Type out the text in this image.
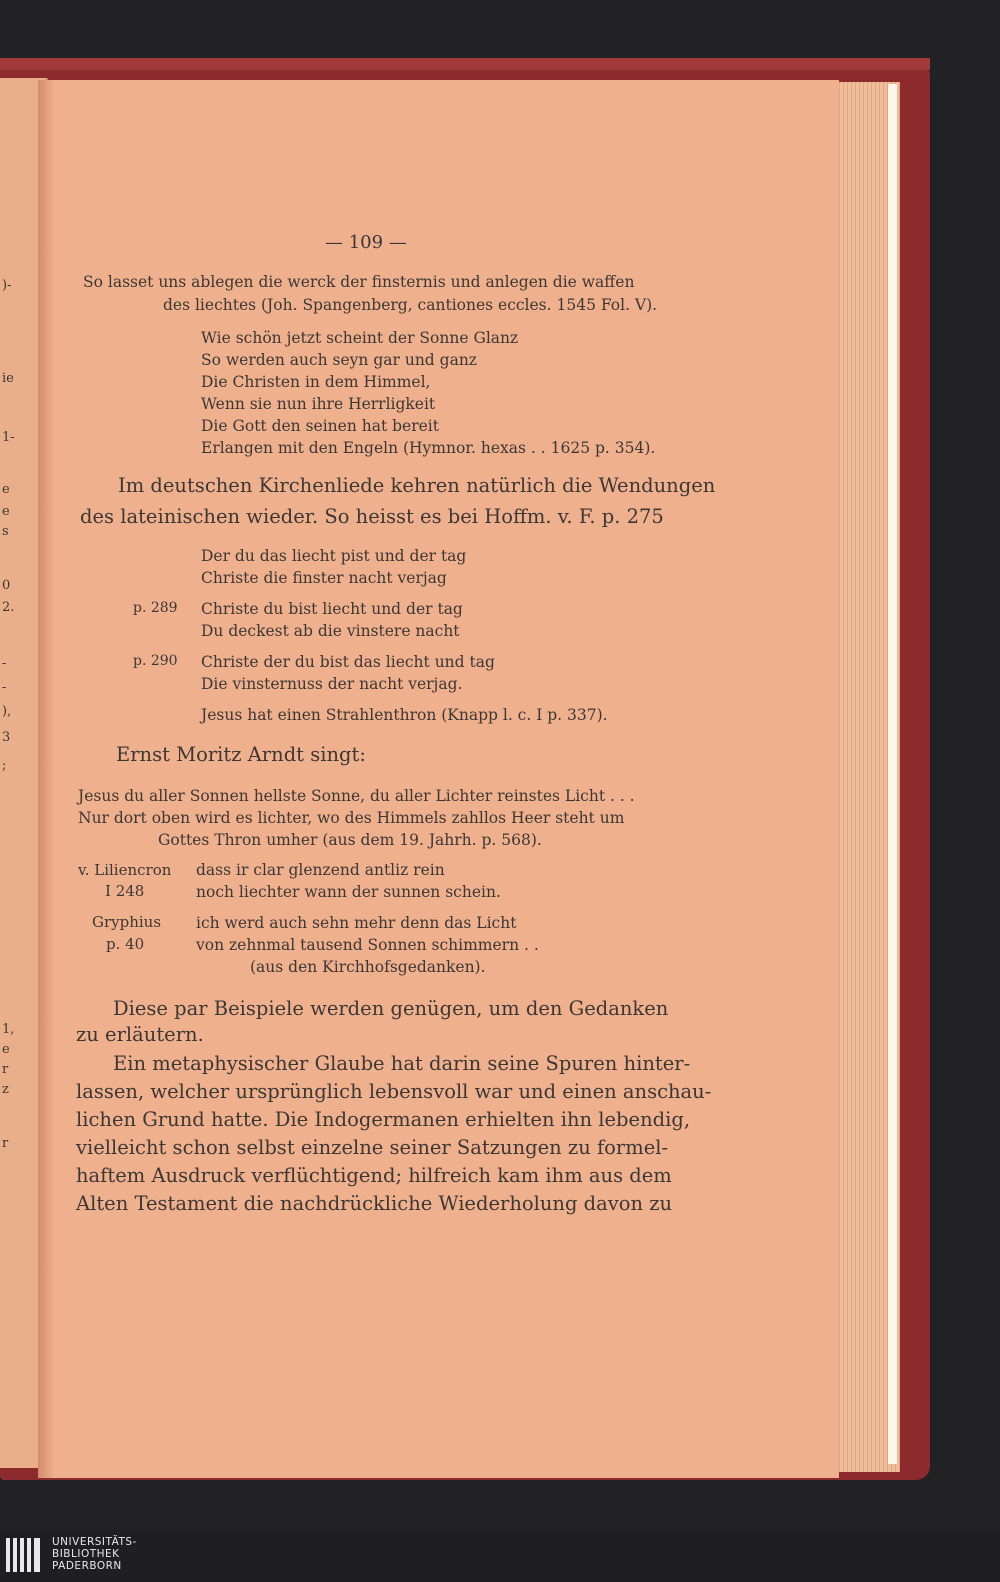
)-
ie
1-
e
e
s
0
2.
-
-
),
3
;
1,
e
r
z
r
— 109 —
So lasset uns ablegen die werck der finsternis und anlegen die waffen
des liechtes (Joh. Spangenberg, cantiones eccles. 1545 Fol. V).
Wie schön jetzt scheint der Sonne Glanz
So werden auch seyn gar und ganz
Die Christen in dem Himmel,
Wenn sie nun ihre Herrligkeit
Die Gott den seinen hat bereit
Erlangen mit den Engeln (Hymnor. hexas . . 1625 p. 354).
Im deutschen Kirchenliede kehren natürlich die Wendungen
des lateinischen wieder. So heisst es bei Hoffm. v. F. p. 275
Der du das liecht pist und der tag
Christe die finster nacht verjag
p. 289 Christe du bist liecht und der tag
Du deckest ab die vinstere nacht
p. 290 Christe der du bist das liecht und tag
Die vinsternuss der nacht verjag.
Jesus hat einen Strahlenthron (Knapp l. c. I p. 337).
Ernst Moritz Arndt singt:
Jesus du aller Sonnen hellste Sonne, du aller Lichter reinstes Licht . . .
Nur dort oben wird es lichter, wo des Himmels zahllos Heer steht um
Gottes Thron umher (aus dem 19. Jahrh. p. 568).
v. Liliencron
I 248
dass ir clar glenzend antliz rein
noch liechter wann der sunnen schein.
Gryphius
p. 40
ich werd auch sehn mehr denn das Licht
von zehnmal tausend Sonnen schimmern . .
(aus den Kirchhofsgedanken).
Diese par Beispiele werden genügen, um den Gedanken
zu erläutern.
Ein metaphysischer Glaube hat darin seine Spuren hinter-
lassen, welcher ursprünglich lebensvoll war und einen anschau-
lichen Grund hatte. Die Indogermanen erhielten ihn lebendig,
vielleicht schon selbst einzelne seiner Satzungen zu formel-
haftem Ausdruck verflüchtigend; hilfreich kam ihm aus dem
Alten Testament die nachdrückliche Wiederholung davon zu
UNIVERSITÄTS-
BIBLIOTHEK
PADERBORN
